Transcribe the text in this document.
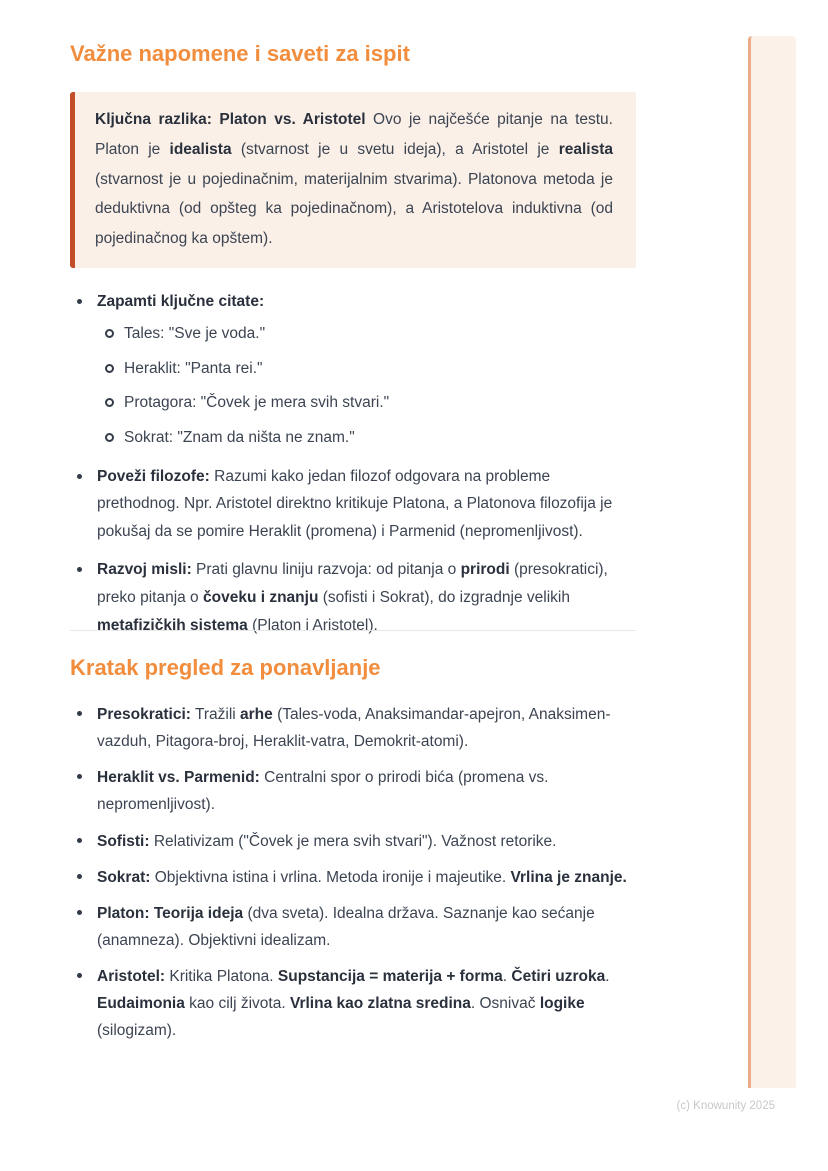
Važne napomene i saveti za ispit
Ključna razlika: Platon vs. Aristotel Ovo je najčešće pitanje na testu. Platon je idealista (stvarnost je u svetu ideja), a Aristotel je realista (stvarnost je u pojedinačnim, materijalnim stvarima). Platonova metoda je deduktivna (od opšteg ka pojedinačnom), a Aristotelova induktivna (od pojedinačnog ka opštem).
Zapamti ključne citate:
Tales: "Sve je voda."
Heraklit: "Panta rei."
Protagora: "Čovek je mera svih stvari."
Sokrat: "Znam da ništa ne znam."
Poveži filozofe: Razumi kako jedan filozof odgovara na probleme prethodnog. Npr. Aristotel direktno kritikuje Platona, a Platonova filozofija je pokušaj da se pomire Heraklit (promena) i Parmenid (nepromenljivost).
Razvoj misli: Prati glavnu liniju razvoja: od pitanja o prirodi (presokratici), preko pitanja o čoveku i znanju (sofisti i Sokrat), do izgradnje velikih metafizičkih sistema (Platon i Aristotel).
Kratak pregled za ponavljanje
Presokratici: Tražili arhe (Tales-voda, Anaksimandar-apejron, Anaksimen-vazduh, Pitagora-broj, Heraklit-vatra, Demokrit-atomi).
Heraklit vs. Parmenid: Centralni spor o prirodi bića (promena vs. nepromenljivost).
Sofisti: Relativizam ("Čovek je mera svih stvari"). Važnost retorike.
Sokrat: Objektivna istina i vrlina. Metoda ironije i majeutike. Vrlina je znanje.
Platon: Teorija ideja (dva sveta). Idealna država. Saznanje kao sećanje (anamneza). Objektivni idealizam.
Aristotel: Kritika Platona. Supstancija = materija + forma. Četiri uzroka. Eudaimonia kao cilj života. Vrlina kao zlatna sredina. Osnivač logike (silogizam).
(c) Knowunity 2025
